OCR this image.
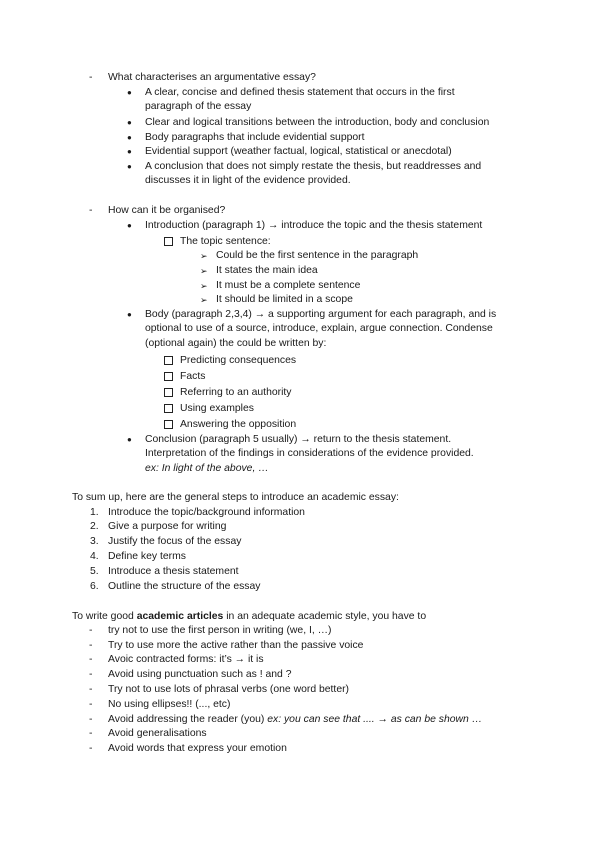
- What characterises an argumentative essay?
● A clear, concise and defined thesis statement that occurs in the first
paragraph of the essay
● Clear and logical transitions between the introduction, body and conclusion
● Body paragraphs that include evidential support
● Evidential support (weather factual, logical, statistical or anecdotal)
● A conclusion that does not simply restate the thesis, but readdresses and
discusses it in light of the evidence provided.
- How can it be organised?
● Introduction (paragraph 1) → introduce the topic and the thesis statement
The topic sentence:
➢ Could be the first sentence in the paragraph
➢ It states the main idea
➢ It must be a complete sentence
➢ It should be limited in a scope
● Body (paragraph 2,3,4) → a supporting argument for each paragraph, and is
optional to use of a source, introduce, explain, argue connection. Condense
(optional again) the could be written by:
Predicting consequences
Facts
Referring to an authority
Using examples
Answering the opposition
● Conclusion (paragraph 5 usually) → return to the thesis statement.
Interpretation of the findings in considerations of the evidence provided.
ex: In light of the above, …
To sum up, here are the general steps to introduce an academic essay:
1. Introduce the topic/background information
2. Give a purpose for writing
3. Justify the focus of the essay
4. Define key terms
5. Introduce a thesis statement
6. Outline the structure of the essay
To write good academic articles in an adequate academic style, you have to
- try not to use the first person in writing (we, I, …)
- Try to use more the active rather than the passive voice
- Avoic contracted forms: it’s → it is
- Avoid using punctuation such as ! and ?
- Try not to use lots of phrasal verbs (one word better)
- No using ellipses!! (..., etc)
- Avoid addressing the reader (you) ex: you can see that .... → as can be shown …
- Avoid generalisations
- Avoid words that express your emotion
